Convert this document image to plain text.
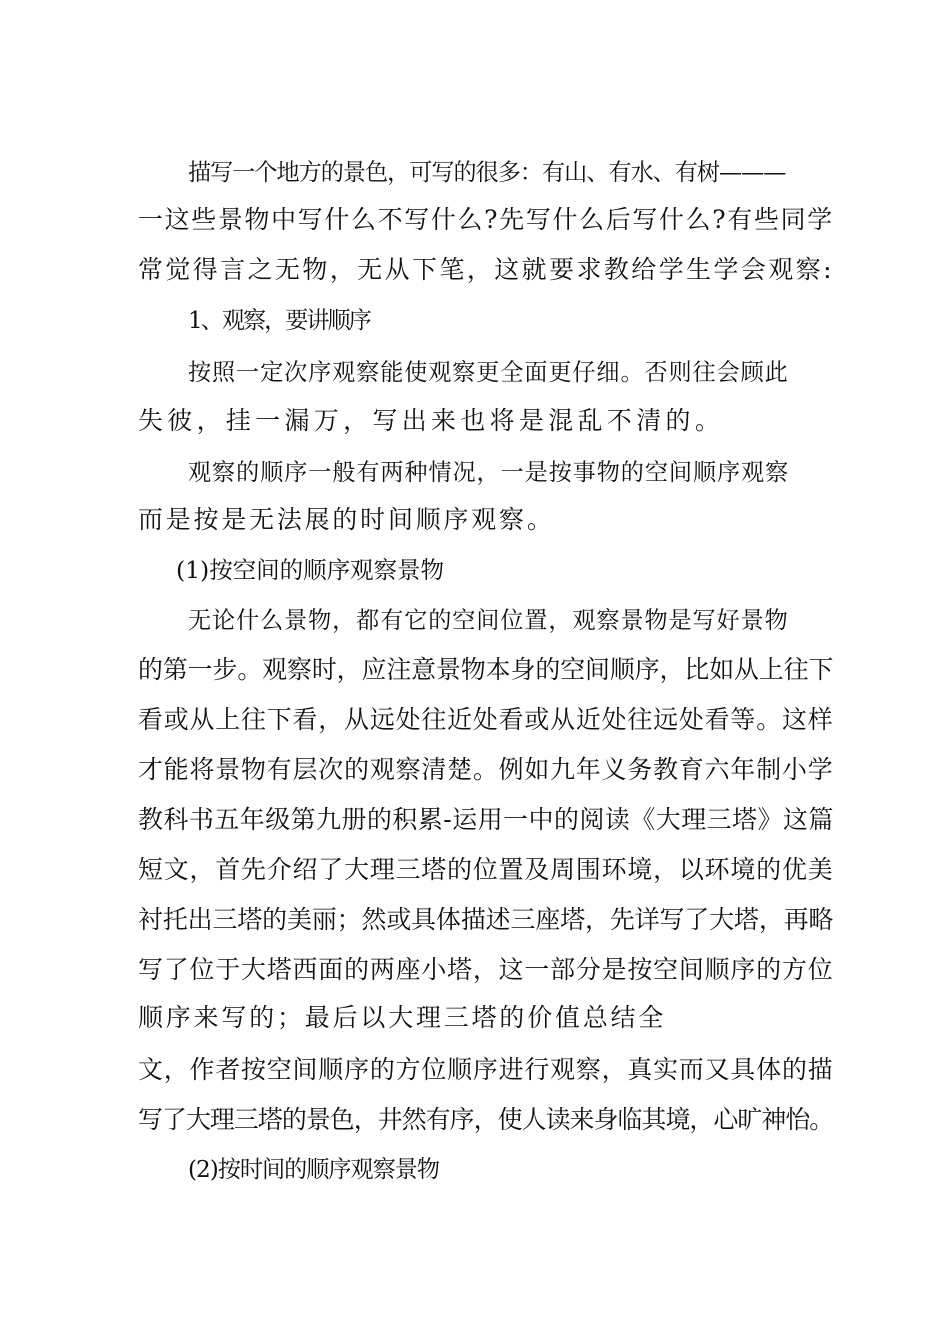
描写一个地方的景色，可写的很多：有山、有水、有树———
一这些景物中写什么不写什么?先写什么后写什么?有些同学
常觉得言之无物，无从下笔，这就要求教给学生学会观察:
1、观察，要讲顺序
按照一定次序观察能使观察更全面更仔细。否则往会顾此
失彼，挂一漏万，写出来也将是混乱不清的。
观察的顺序一般有两种情况，一是按事物的空间顺序观察
而是按是无法展的时间顺序观察。
(1)按空间的顺序观察景物
无论什么景物，都有它的空间位置，观察景物是写好景物
的第一步。观察时，应注意景物本身的空间顺序，比如从上往下
看或从上往下看，从远处往近处看或从近处往远处看等。这样
才能将景物有层次的观察清楚。例如九年义务教育六年制小学
教科书五年级第九册的积累-运用一中的阅读《大理三塔》这篇
短文，首先介绍了大理三塔的位置及周围环境，以环境的优美
衬托出三塔的美丽；然或具体描述三座塔，先详写了大塔，再略
写了位于大塔西面的两座小塔，这一部分是按空间顺序的方位
顺序来写的；最后以大理三塔的价值总结全
文，作者按空间顺序的方位顺序进行观察，真实而又具体的描
写了大理三塔的景色，井然有序，使人读来身临其境，心旷神怡。
(2)按时间的顺序观察景物
